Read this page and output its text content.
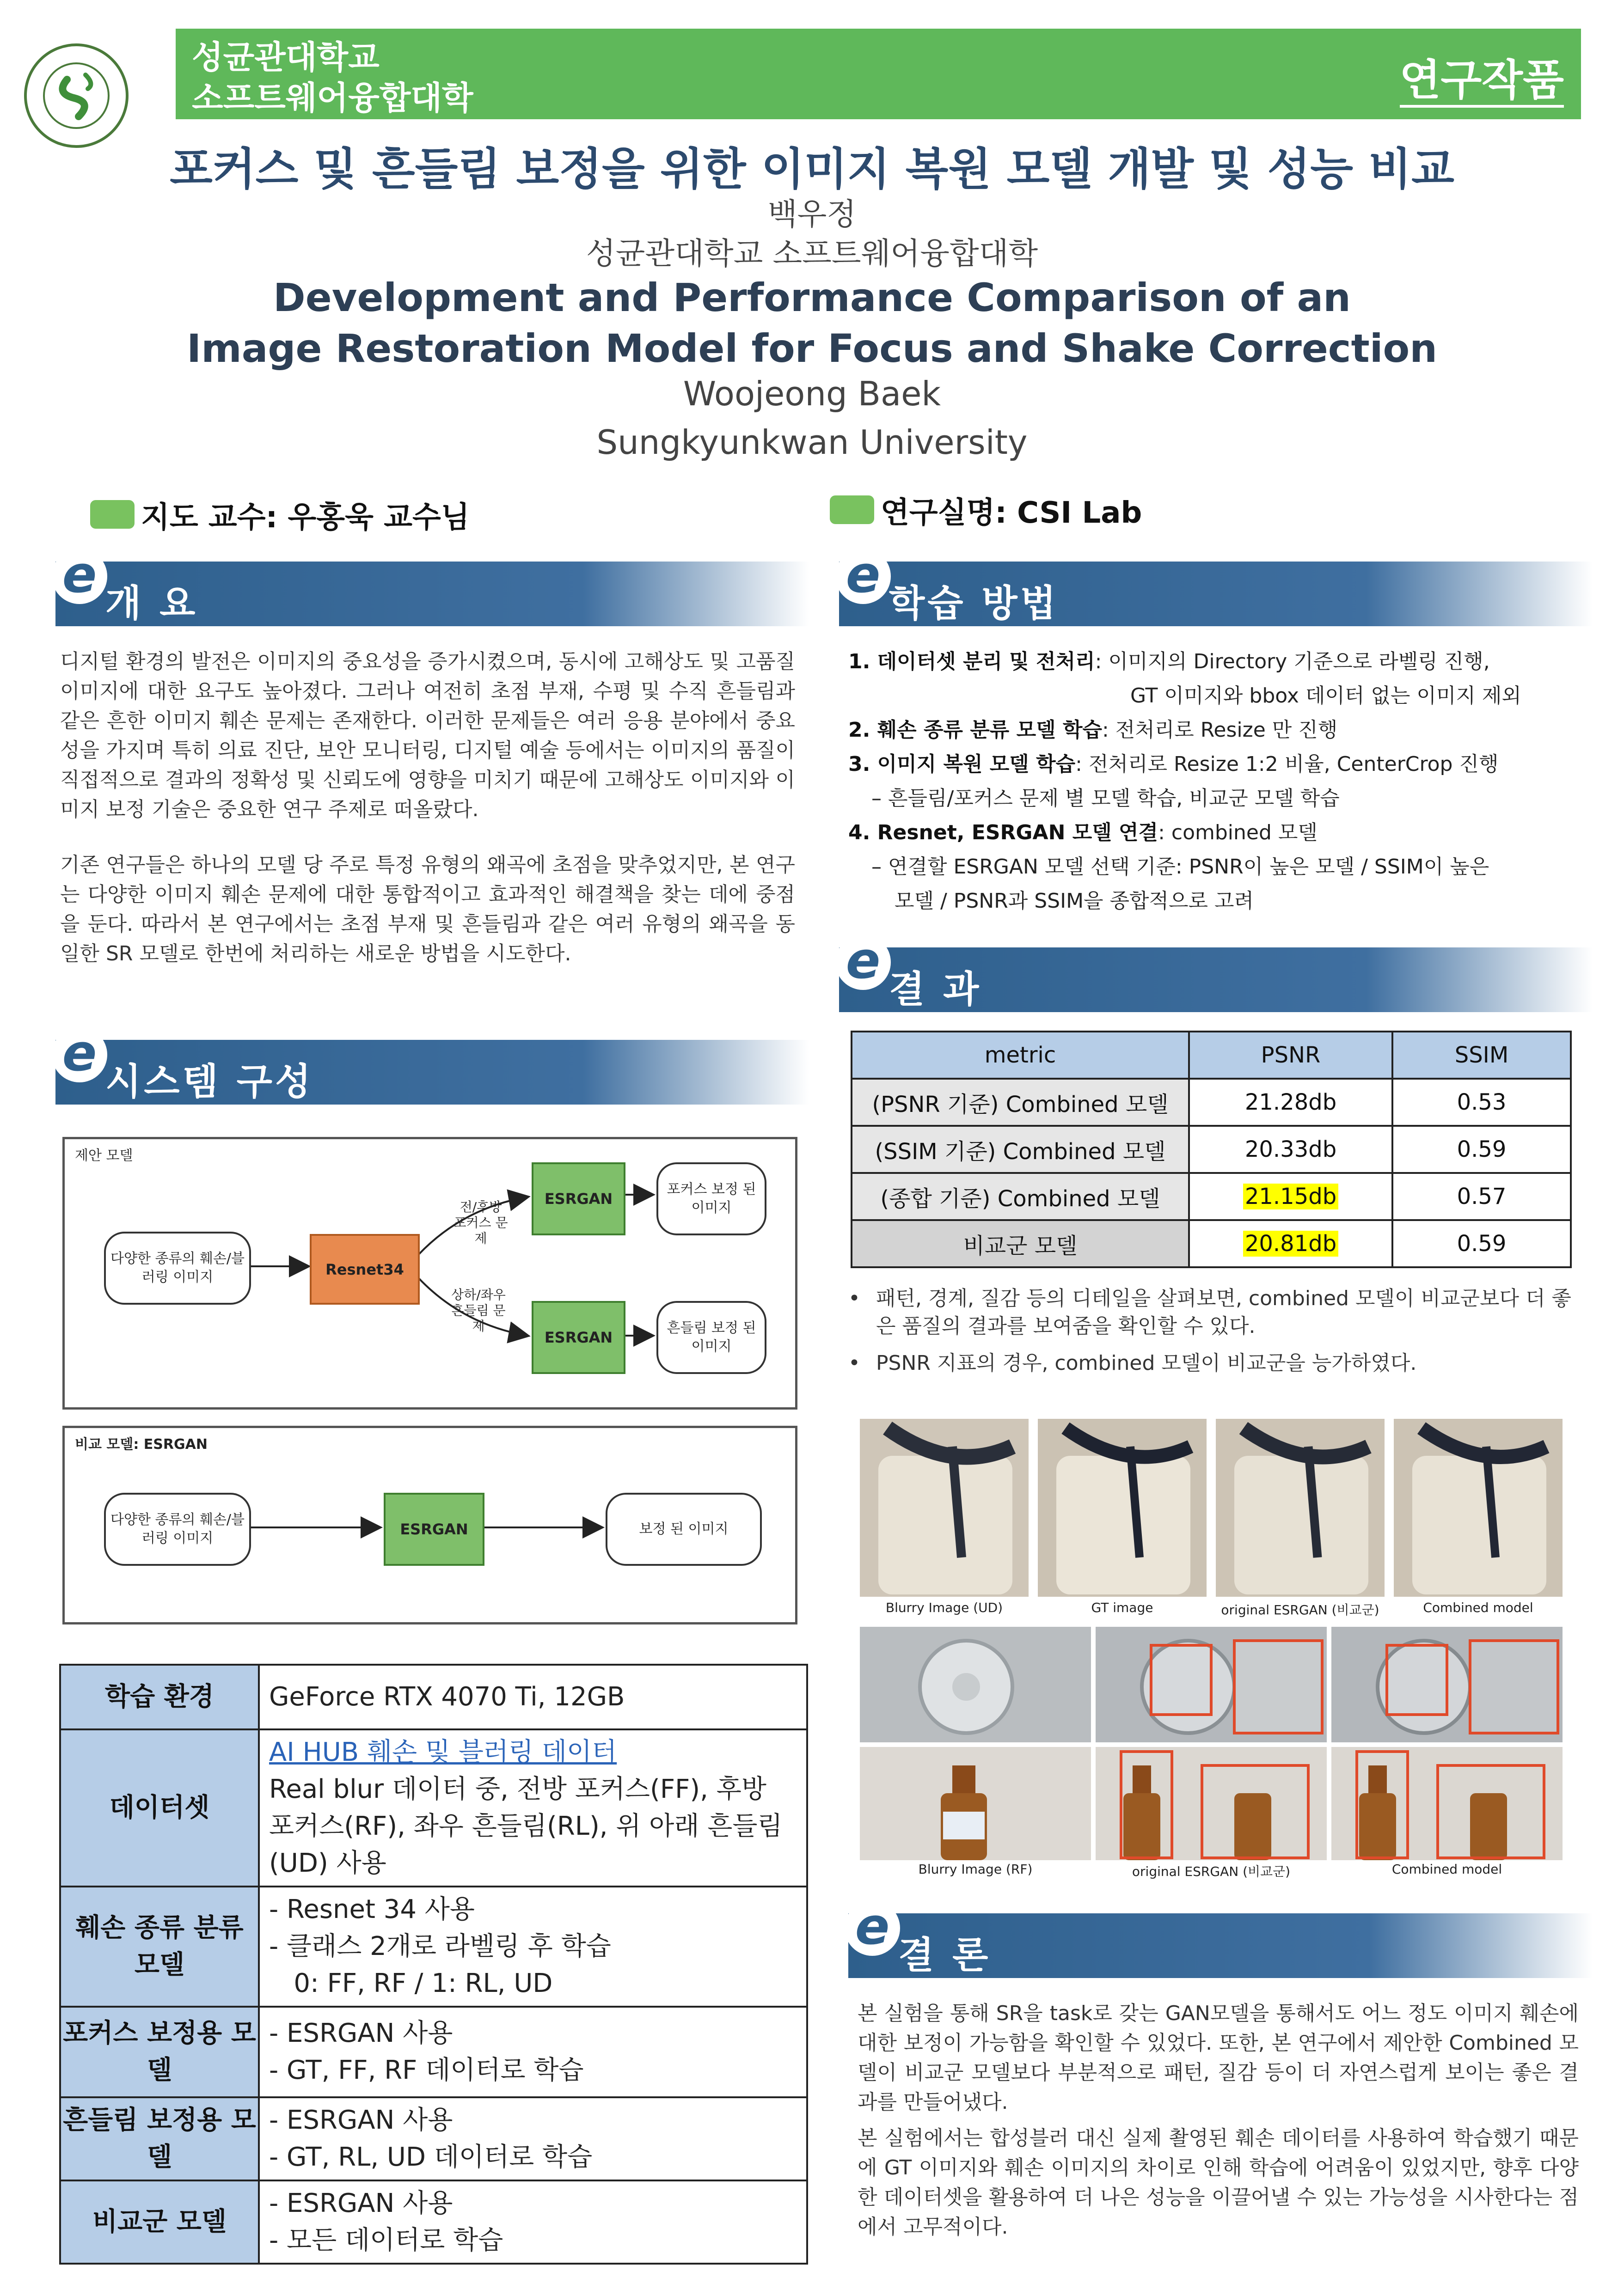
성균관대학교
소프트웨어융합대학	연구작품
포커스 및 흔들림 보정을 위한 이미지 복원 모델 개발 및 성능 비교
백우정
성균관대학교 소프트웨어융합대학
Development and Performance Comparison of an
Image Restoration Model for Focus and Shake Correction
Woojeong Baek
Sungkyunkwan University
지도 교수: 우홍욱 교수님	연구실명: CSI Lab
e 개 요
디지털 환경의 발전은 이미지의 중요성을 증가시켰으며, 동시에 고해상도 및 고품질 이미지에 대한 요구도 높아졌다. 그러나 여전히 초점 부재, 수평 및 수직 흔들림과 같은 흔한 이미지 훼손 문제는 존재한다. 이러한 문제들은 여러 응용 분야에서 중요성을 가지며 특히 의료 진단, 보안 모니터링, 디지털 예술 등에서는 이미지의 품질이 직접적으로 결과의 정확성 및 신뢰도에 영향을 미치기 때문에 고해상도 이미지와 이미지 보정 기술은 중요한 연구 주제로 떠올랐다.
기존 연구들은 하나의 모델 당 주로 특정 유형의 왜곡에 초점을 맞추었지만, 본 연구는 다양한 이미지 훼손 문제에 대한 통합적이고 효과적인 해결책을 찾는 데에 중점을 둔다. 따라서 본 연구에서는 초점 부재 및 흔들림과 같은 여러 유형의 왜곡을 동일한 SR 모델로 한번에 처리하는 새로운 방법을 시도한다.
e 시스템 구성
제안 모델
다양한 종류의 훼손/블러링 이미지	Resnet34
전/후방 포커스 문제
상하/좌우 흔들림 문제
ESRGAN
ESRGAN
포커스 보정 된 이미지
흔들림 보정 된 이미지
비교 모델: ESRGAN
다양한 종류의 훼손/블러링 이미지
ESRGAN	보정 된 이미지
학습 환경	GeForce RTX 4070 Ti, 12GB

데이터셋	AI HUB 훼손 및 블러링 데이터
Real blur 데이터 중, 전방 포커스(FF), 후방 포커스(RF), 좌우 흔들림(RL), 위 아래 흔들림(UD) 사용

훼손 종류 분류 모델	- Resnet 34 사용
- 클래스 2개로 라벨링 후 학습
0: FF, RF / 1: RL, UD

포커스 보정용 모델	- ESRGAN 사용
- GT, FF, RF 데이터로 학습

흔들림 보정용 모델	- ESRGAN 사용
- GT, RL, UD 데이터로 학습

비교군 모델	- ESRGAN 사용
- 모든 데이터로 학습
e 학습 방법
1. 데이터셋 분리 및 전처리: 이미지의 Directory 기준으로 라벨링 진행,
GT 이미지와 bbox 데이터 없는 이미지 제외
2. 훼손 종류 분류 모델 학습: 전처리로 Resize 만 진행
3. 이미지 복원 모델 학습: 전처리로 Resize 1:2 비율, CenterCrop 진행
– 흔들림/포커스 문제 별 모델 학습, 비교군 모델 학습
4. Resnet, ESRGAN 모델 연결: combined 모델
– 연결할 ESRGAN 모델 선택 기준: PSNR이 높은 모델 / SSIM이 높은
모델 / PSNR과 SSIM을 종합적으로 고려
e 결 과
metric	PSNR	SSIM
(PSNR 기준) Combined 모델	21.28db	0.53
(SSIM 기준) Combined 모델	20.33db	0.59
(종합 기준) Combined 모델	21.15db	0.57
비교군 모델	20.81db	0.59
• 패턴, 경계, 질감 등의 디테일을 살펴보면, combined 모델이 비교군보다 더 좋은 품질의 결과를 보여줌을 확인할 수 있다.
• PSNR 지표의 경우, combined 모델이 비교군을 능가하였다.
Blurry Image (UD)	GT image	original ESRGAN (비교군)	Combined model
Blurry Image (RF)	original ESRGAN (비교군)	Combined model
e 결 론
본 실험을 통해 SR을 task로 갖는 GAN모델을 통해서도 어느 정도 이미지 훼손에 대한 보정이 가능함을 확인할 수 있었다. 또한, 본 연구에서 제안한 Combined 모델이 비교군 모델보다 부분적으로 패턴, 질감 등이 더 자연스럽게 보이는 좋은 결과를 만들어냈다.
본 실험에서는 합성블러 대신 실제 촬영된 훼손 데이터를 사용하여 학습했기 때문에 GT 이미지와 훼손 이미지의 차이로 인해 학습에 어려움이 있었지만, 향후 다양한 데이터셋을 활용하여 더 나은 성능을 이끌어낼 수 있는 가능성을 시사한다는 점에서 고무적이다.
